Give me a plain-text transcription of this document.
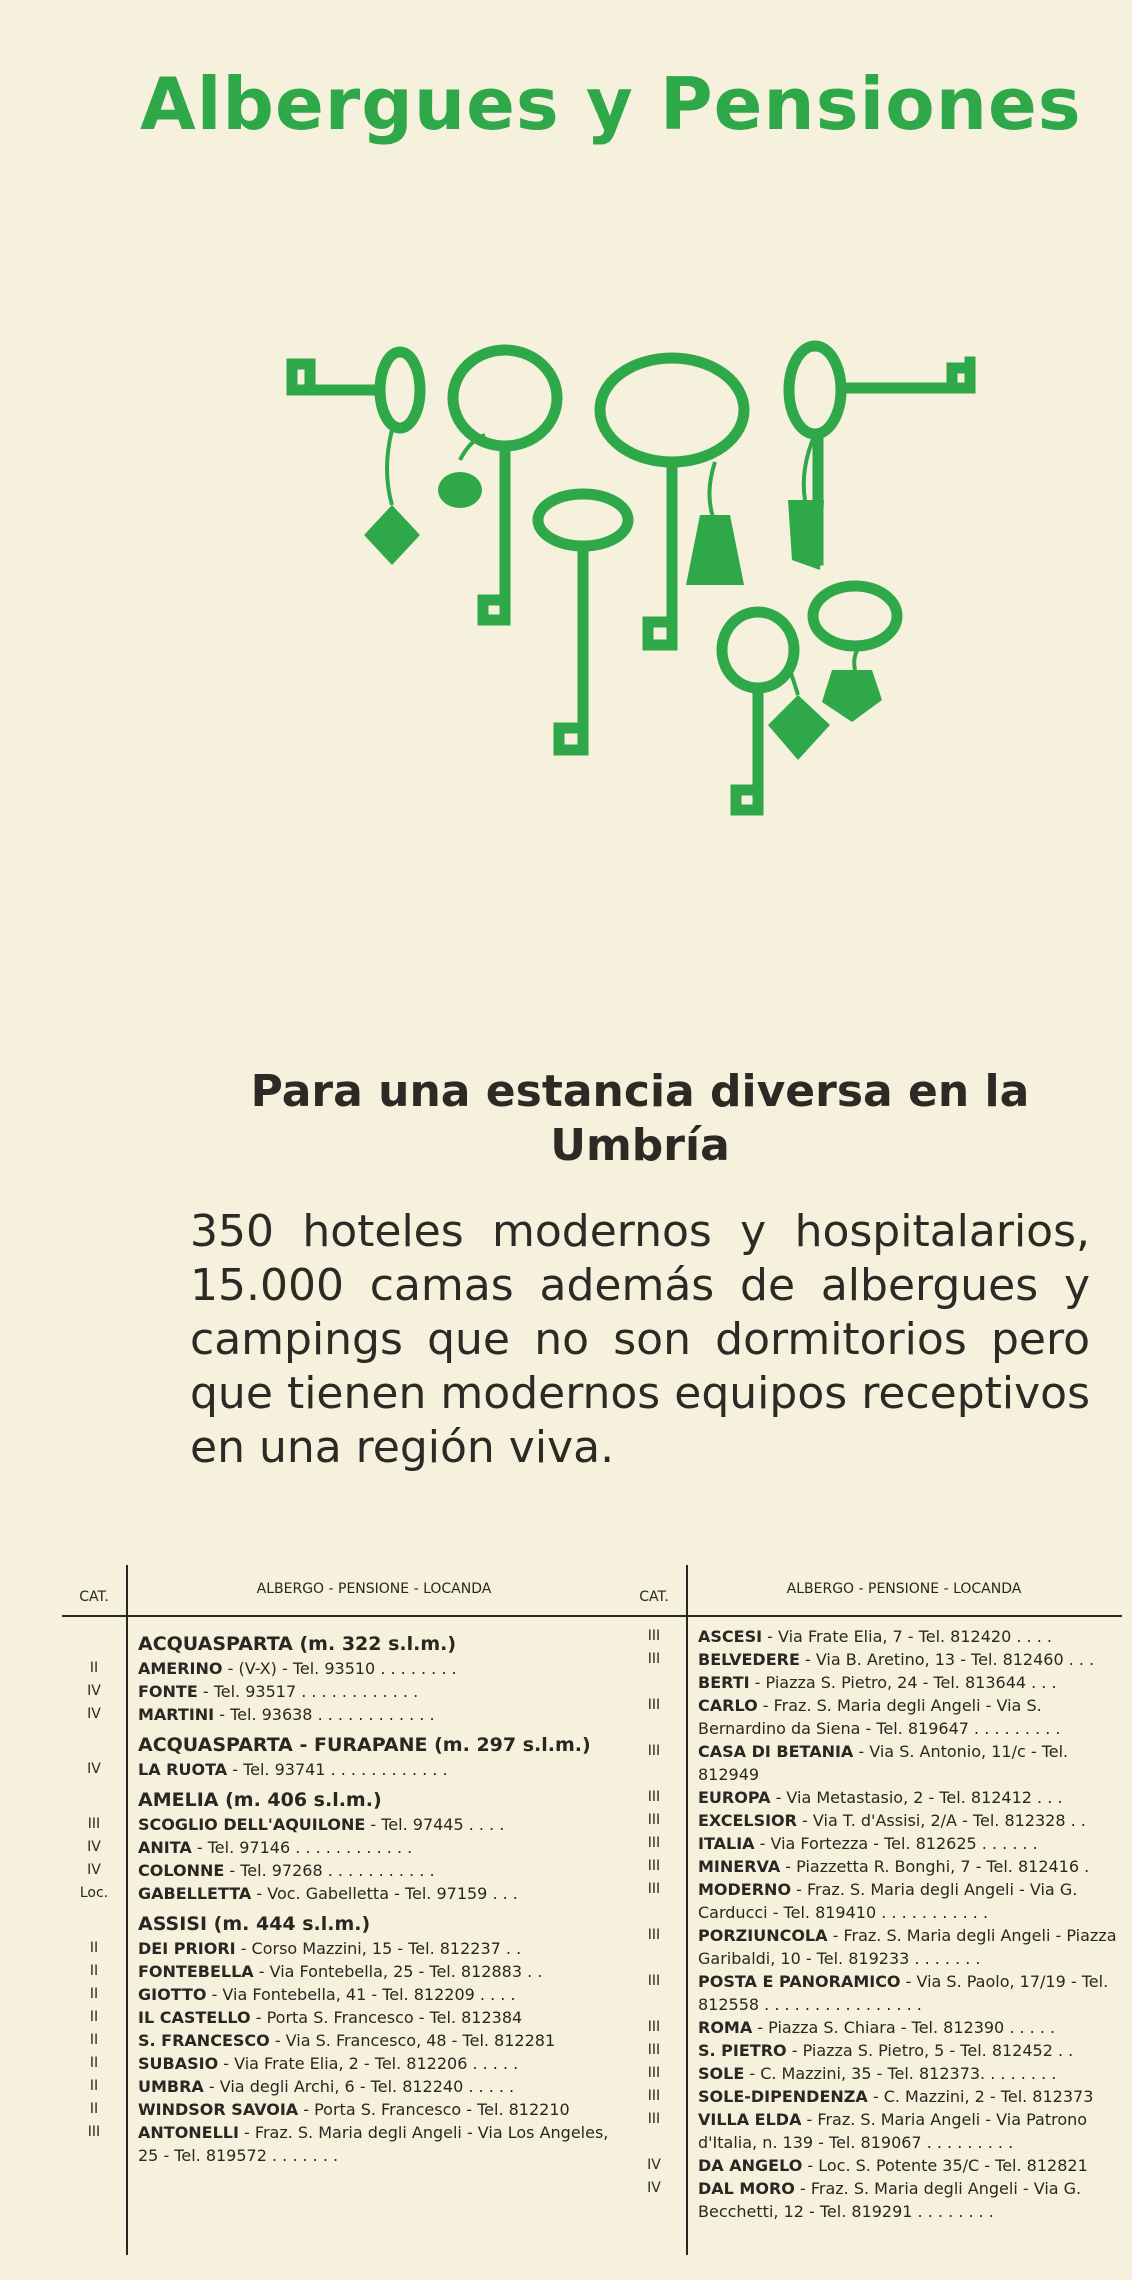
Albergues y Pensiones
Para una estancia diversa en la Umbría

350 hoteles modernos y hospitalarios, 15.000 camas además de albergues y campings que no son dormitorios pero que tienen modernos equipos receptivos en una región viva.

CAT.	ALBERGO - PENSIONE - LOCANDA
ACQUASPARTA (m. 322 s.l.m.)
II	AMERINO - (V-X) - Tel. 93510 . . . . . . . .
IV	FONTE - Tel. 93517 . . . . . . . . . . . .
IV	MARTINI - Tel. 93638 . . . . . . . . . . . .
ACQUASPARTA - FURAPANE (m. 297 s.l.m.)
IV	LA RUOTA - Tel. 93741 . . . . . . . . . . . .
AMELIA (m. 406 s.l.m.)
III	SCOGLIO DELL'AQUILONE - Tel. 97445 . . . .
IV	ANITA - Tel. 97146 . . . . . . . . . . . .
IV	COLONNE - Tel. 97268 . . . . . . . . . . .
Loc.	GABELLETTA - Voc. Gabelletta - Tel. 97159 . . .
ASSISI (m. 444 s.l.m.)
II	DEI PRIORI - Corso Mazzini, 15 - Tel. 812237 . .
II	FONTEBELLA - Via Fontebella, 25 - Tel. 812883 . .
II	GIOTTO - Via Fontebella, 41 - Tel. 812209 . . . .
II	IL CASTELLO - Porta S. Francesco - Tel. 812384
II	S. FRANCESCO - Via S. Francesco, 48 - Tel. 812281
II	SUBASIO - Via Frate Elia, 2 - Tel. 812206 . . . . .
II	UMBRA - Via degli Archi, 6 - Tel. 812240 . . . . .
II	WINDSOR SAVOIA - Porta S. Francesco - Tel. 812210
III	ANTONELLI - Fraz. S. Maria degli Angeli - Via Los Angeles, 25 - Tel. 819572 . . . . . . .
CAT.	ALBERGO - PENSIONE - LOCANDA
III	ASCESI - Via Frate Elia, 7 - Tel. 812420 . . . .
III	BELVEDERE - Via B. Aretino, 13 - Tel. 812460 . . .
BERTI - Piazza S. Pietro, 24 - Tel. 813644 . . .
III	CARLO - Fraz. S. Maria degli Angeli - Via S. Bernardino da Siena - Tel. 819647 . . . . . . . . .
III	CASA DI BETANIA - Via S. Antonio, 11/c - Tel. 812949
III	EUROPA - Via Metastasio, 2 - Tel. 812412 . . .
III	EXCELSIOR - Via T. d'Assisi, 2/A - Tel. 812328 . .
III	ITALIA - Via Fortezza - Tel. 812625 . . . . . .
III	MINERVA - Piazzetta R. Bonghi, 7 - Tel. 812416 .
III	MODERNO - Fraz. S. Maria degli Angeli - Via G. Carducci - Tel. 819410 . . . . . . . . . . .
III	PORZIUNCOLA - Fraz. S. Maria degli Angeli - Piazza Garibaldi, 10 - Tel. 819233 . . . . . . .
III	POSTA E PANORAMICO - Via S. Paolo, 17/19 - Tel. 812558 . . . . . . . . . . . . . . . .
III	ROMA - Piazza S. Chiara - Tel. 812390 . . . . .
III	S. PIETRO - Piazza S. Pietro, 5 - Tel. 812452 . .
III	SOLE - C. Mazzini, 35 - Tel. 812373. . . . . . . .
III	SOLE-DIPENDENZA - C. Mazzini, 2 - Tel. 812373
III	VILLA ELDA - Fraz. S. Maria Angeli - Via Patrono d'Italia, n. 139 - Tel. 819067 . . . . . . . . .
IV	DA ANGELO - Loc. S. Potente 35/C - Tel. 812821
IV	DAL MORO - Fraz. S. Maria degli Angeli - Via G. Becchetti, 12 - Tel. 819291 . . . . . . . .
